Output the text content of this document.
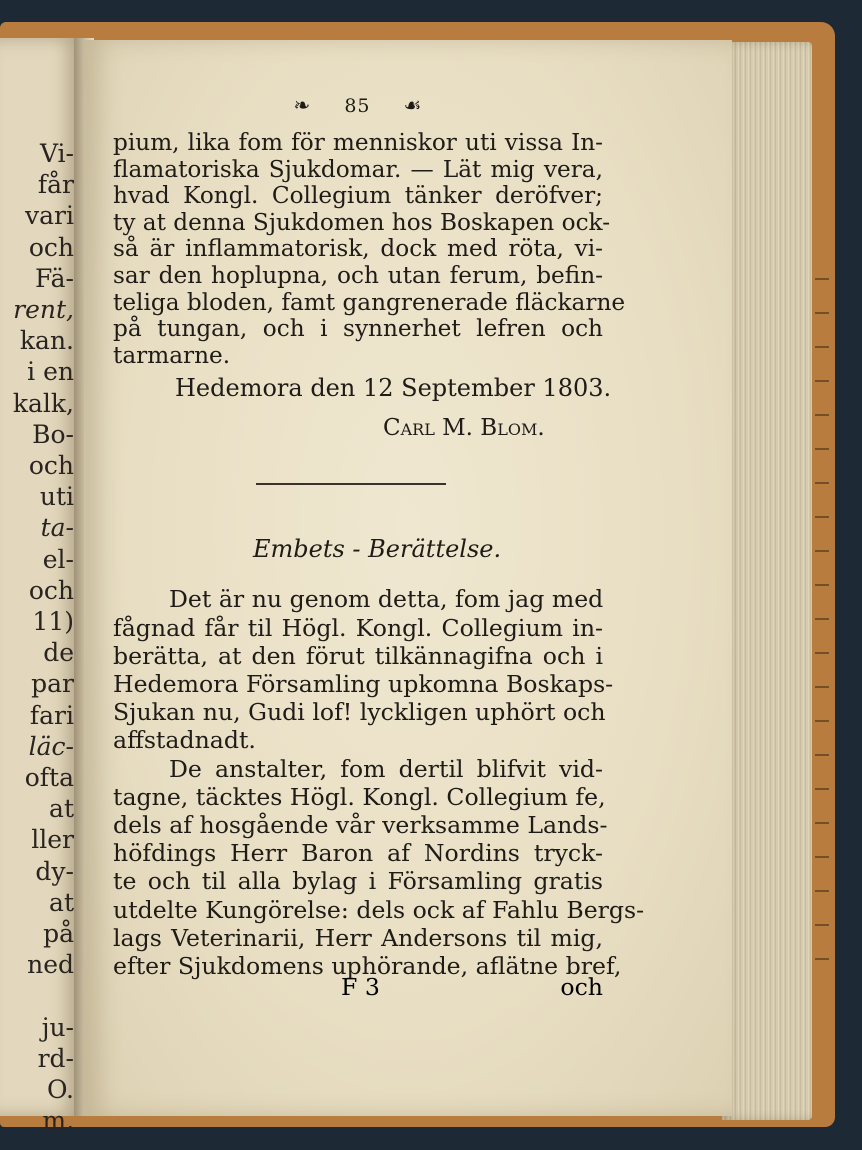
Vi-
får
vari
och
Fä-
rent,
kan.
i en
kalk,
Bo-
och
uti
ta-
el-
och
11)
de
par
fari
läc-
ofta
at
ller
dy-
at
på
ned
ju-
rd-
O.
m,
❧ 85 ☙
pium, lika fom för menniskor uti vissa In-
flamatoriska Sjukdomar. — Lät mig vera,
hvad Kongl. Collegium tänker deröfver;
ty at denna Sjukdomen hos Boskapen ock-
så är inflammatorisk, dock med röta, vi-
sar den hoplupna, och utan ferum, befin-
teliga bloden, famt gangrenerade fläckarne
på tungan, och i synnerhet lefren och
tarmarne.
Hedemora den 12 September 1803.
Carl M. Blom.
Embets - Berättelse.
Det är nu genom detta, fom jag med
fågnad får til Högl. Kongl. Collegium in-
berätta, at den förut tilkännagifna och i
Hedemora Församling upkomna Boskaps-
Sjukan nu, Gudi lof! lyckligen uphört och
affstadnadt.
De anstalter, fom dertil blifvit vid-
tagne, täcktes Högl. Kongl. Collegium fe,
dels af hosgående vår verksamme Lands-
höfdings Herr Baron af Nordins tryck-
te och til alla bylag i Församling gratis
utdelte Kungörelse: dels ock af Fahlu Bergs-
lags Veterinarii, Herr Andersons til mig,
efter Sjukdomens uphörande, aflätne bref,
F 3	och
